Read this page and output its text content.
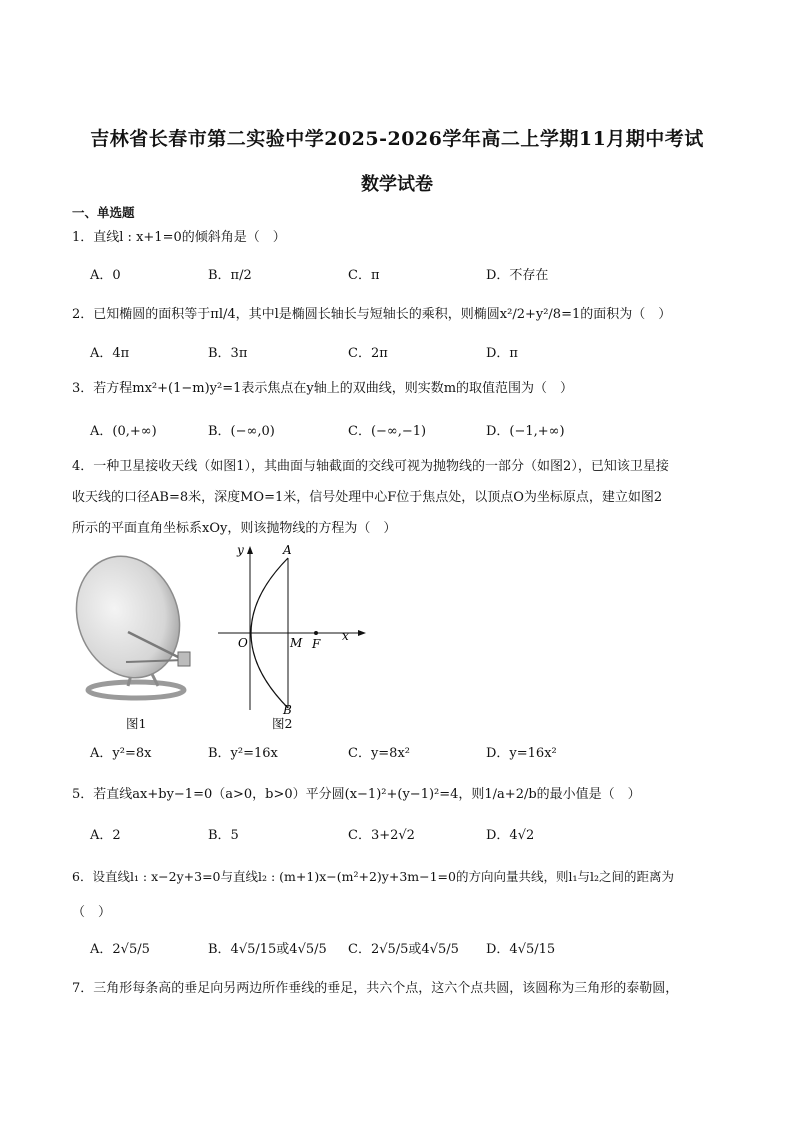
吉林省长春市第二实验中学2025-2026学年高二上学期11月期中考试
数学试卷
一、单选题
1．直线l : x+1=0的倾斜角是（　）
A．0	B．π/2	C．π	D．不存在
2．已知椭圆的面积等于πl/4，其中l是椭圆长轴长与短轴长的乘积，则椭圆x²/2+y²/8=1的面积为（　）
A．4π	B．3π	C．2π	D．π
3．若方程mx²+(1−m)y²=1表示焦点在y轴上的双曲线，则实数m的取值范围为（　）
A．(0,+∞)	B．(−∞,0)	C．(−∞,−1)	D．(−1,+∞)
4．一种卫星接收天线（如图1），其曲面与轴截面的交线可视为抛物线的一部分（如图2），已知该卫星接
收天线的口径AB=8米，深度MO=1米，信号处理中心F位于焦点处，以顶点O为坐标原点，建立如图2
所示的平面直角坐标系xOy，则该抛物线的方程为（　）
图1
y	A
O	M F
x
B
图2
A．y²=8x	B．y²=16x	C．y=8x²	D．y=16x²
5．若直线ax+by−1=0（a>0，b>0）平分圆(x−1)²+(y−1)²=4，则1/a+2/b的最小值是（　）
A．2	B．5	C．3+2√2	D．4√2
6．设直线l₁ : x−2y+3=0与直线l₂ : (m+1)x−(m²+2)y+3m−1=0的方向向量共线，则l₁与l₂之间的距离为
（　）
A．2√5/5	B．4√5/15或4√5/5 C．2√5/5或4√5/5 D．4√5/15
7．三角形每条高的垂足向另两边所作垂线的垂足，共六个点，这六个点共圆，该圆称为三角形的泰勒圆，
